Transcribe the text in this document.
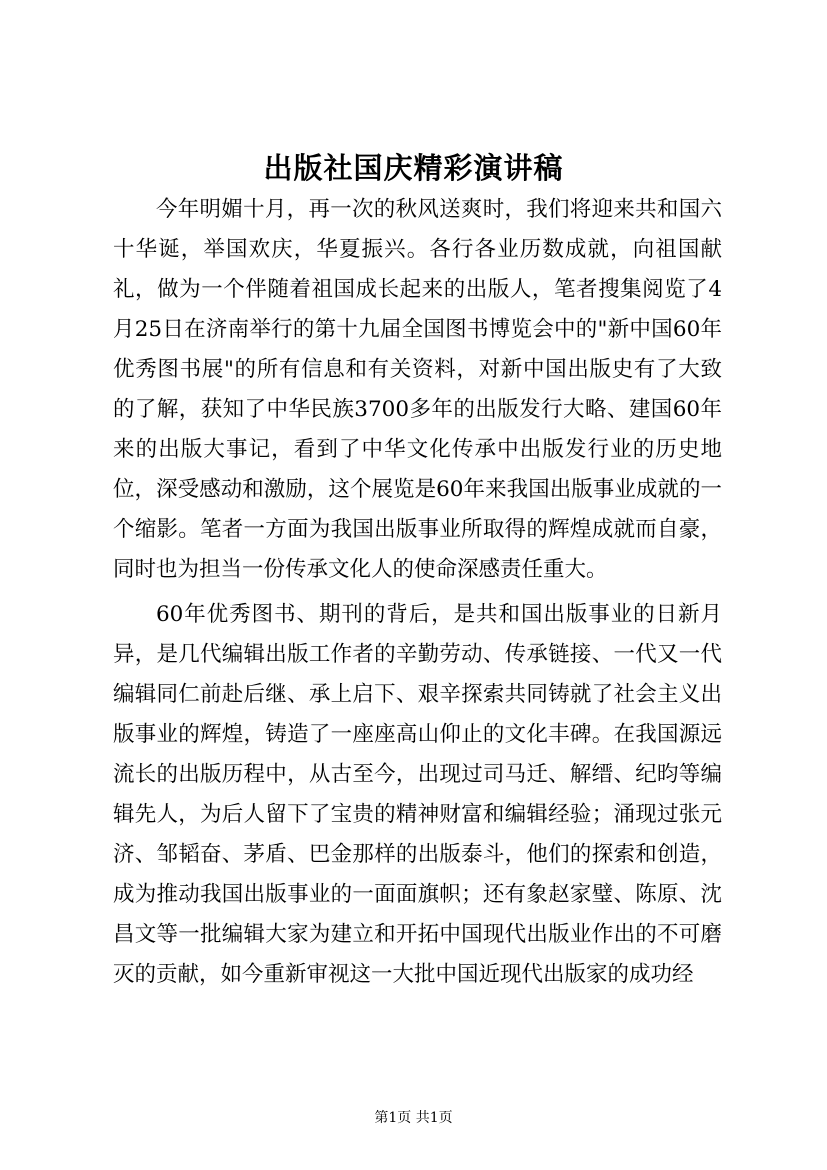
出版社国庆精彩演讲稿

今年明媚十月，再一次的秋风送爽时，我们将迎来共和国六十华诞，举国欢庆，华夏振兴。各行各业历数成就，向祖国献礼，做为一个伴随着祖国成长起来的出版人，笔者搜集阅览了4月25日在济南举行的第十九届全国图书博览会中的"新中国60年优秀图书展"的所有信息和有关资料，对新中国出版史有了大致的了解，获知了中华民族3700多年的出版发行大略、建国60年来的出版大事记，看到了中华文化传承中出版发行业的历史地位，深受感动和激励，这个展览是60年来我国出版事业成就的一个缩影。笔者一方面为我国出版事业所取得的辉煌成就而自豪，同时也为担当一份传承文化人的使命深感责任重大。

60年优秀图书、期刊的背后，是共和国出版事业的日新月异，是几代编辑出版工作者的辛勤劳动、传承链接、一代又一代编辑同仁前赴后继、承上启下、艰辛探索共同铸就了社会主义出版事业的辉煌，铸造了一座座高山仰止的文化丰碑。在我国源远流长的出版历程中，从古至今，出现过司马迁、解缙、纪昀等编辑先人，为后人留下了宝贵的精神财富和编辑经验；涌现过张元济、邹韬奋、茅盾、巴金那样的出版泰斗，他们的探索和创造，成为推动我国出版事业的一面面旗帜；还有象赵家璧、陈原、沈昌文等一批编辑大家为建立和开拓中国现代出版业作出的不可磨灭的贡献，如今重新审视这一大批中国近现代出版家的成功经

第1页 共1页
